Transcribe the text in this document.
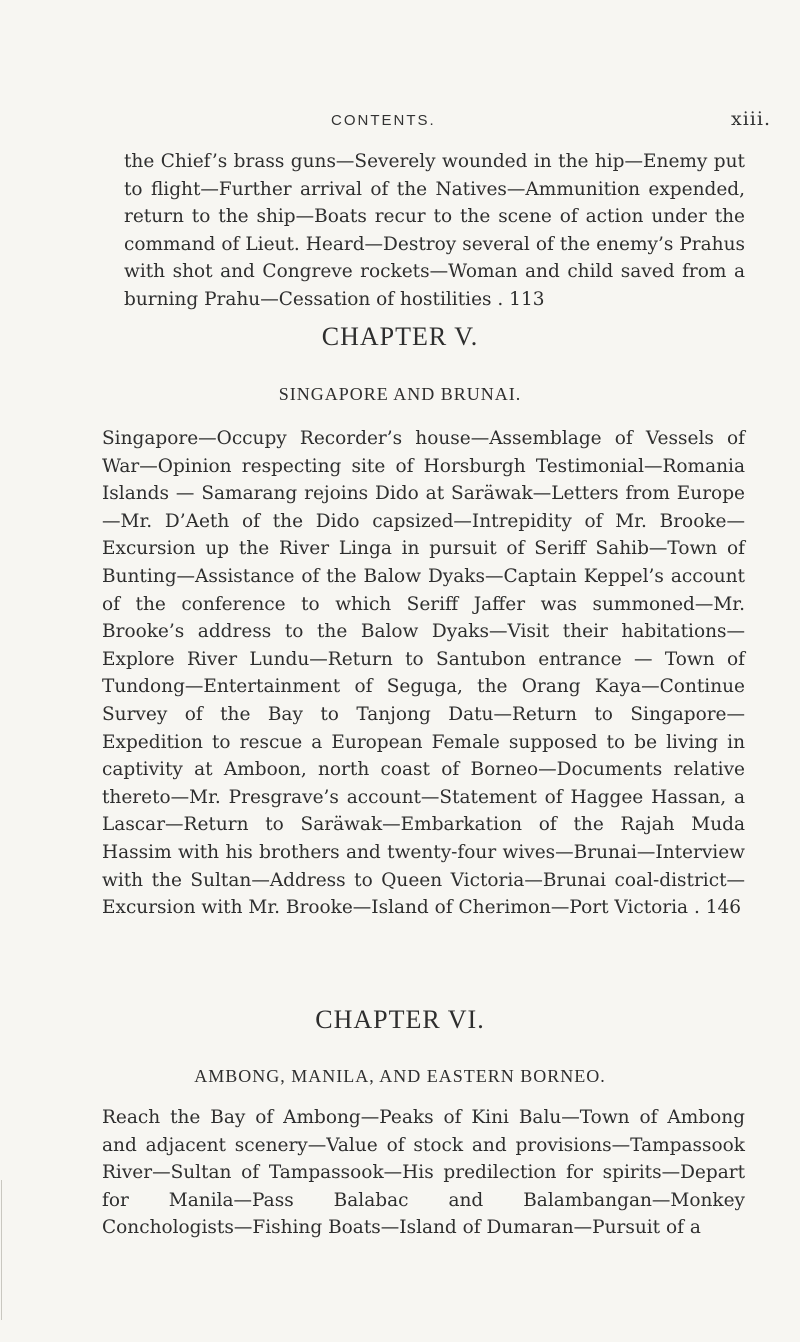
CONTENTS.	xiii.
the Chief’s brass guns—Severely wounded in the hip—Enemy put to flight—Further arrival of the Natives—Ammunition expended, return to the ship—Boats recur to the scene of action under the command of Lieut. Heard—Destroy several of the enemy’s Prahus with shot and Congreve rockets—Woman and child saved from a burning Prahu—Cessation of hostilities . 113
CHAPTER V.
SINGAPORE AND BRUNAI.
Singapore—Occupy Recorder’s house—Assemblage of Vessels of War—Opinion respecting site of Horsburgh Testimonial—Romania Islands — Samarang rejoins Dido at Saräwak—Letters from Europe—Mr. D’Aeth of the Dido capsized—Intrepidity of Mr. Brooke—Excursion up the River Linga in pursuit of Seriff Sahib—Town of Bunting—Assistance of the Balow Dyaks—Captain Keppel’s account of the conference to which Seriff Jaffer was summoned—Mr. Brooke’s address to the Balow Dyaks—Visit their habitations—Explore River Lundu—Return to Santubon entrance — Town of Tundong—Entertainment of Seguga, the Orang Kaya—Continue Survey of the Bay to Tanjong Datu—Return to Singapore—Expedition to rescue a European Female supposed to be living in captivity at Amboon, north coast of Borneo—Documents relative thereto—Mr. Presgrave’s account—Statement of Haggee Hassan, a Lascar—Return to Saräwak—Embarkation of the Rajah Muda Hassim with his brothers and twenty-four wives—Brunai—Interview with the Sultan—Address to Queen Victoria—Brunai coal-district—Excursion with Mr. Brooke—Island of Cherimon—Port Victoria . 146
CHAPTER VI.
AMBONG, MANILA, AND EASTERN BORNEO.
Reach the Bay of Ambong—Peaks of Kini Balu—Town of Ambong and adjacent scenery—Value of stock and provisions—Tampassook River—Sultan of Tampassook—His predilection for spirits—Depart for Manila—Pass Balabac and Balambangan—Monkey Conchologists—Fishing Boats—Island of Dumaran—Pursuit of a
